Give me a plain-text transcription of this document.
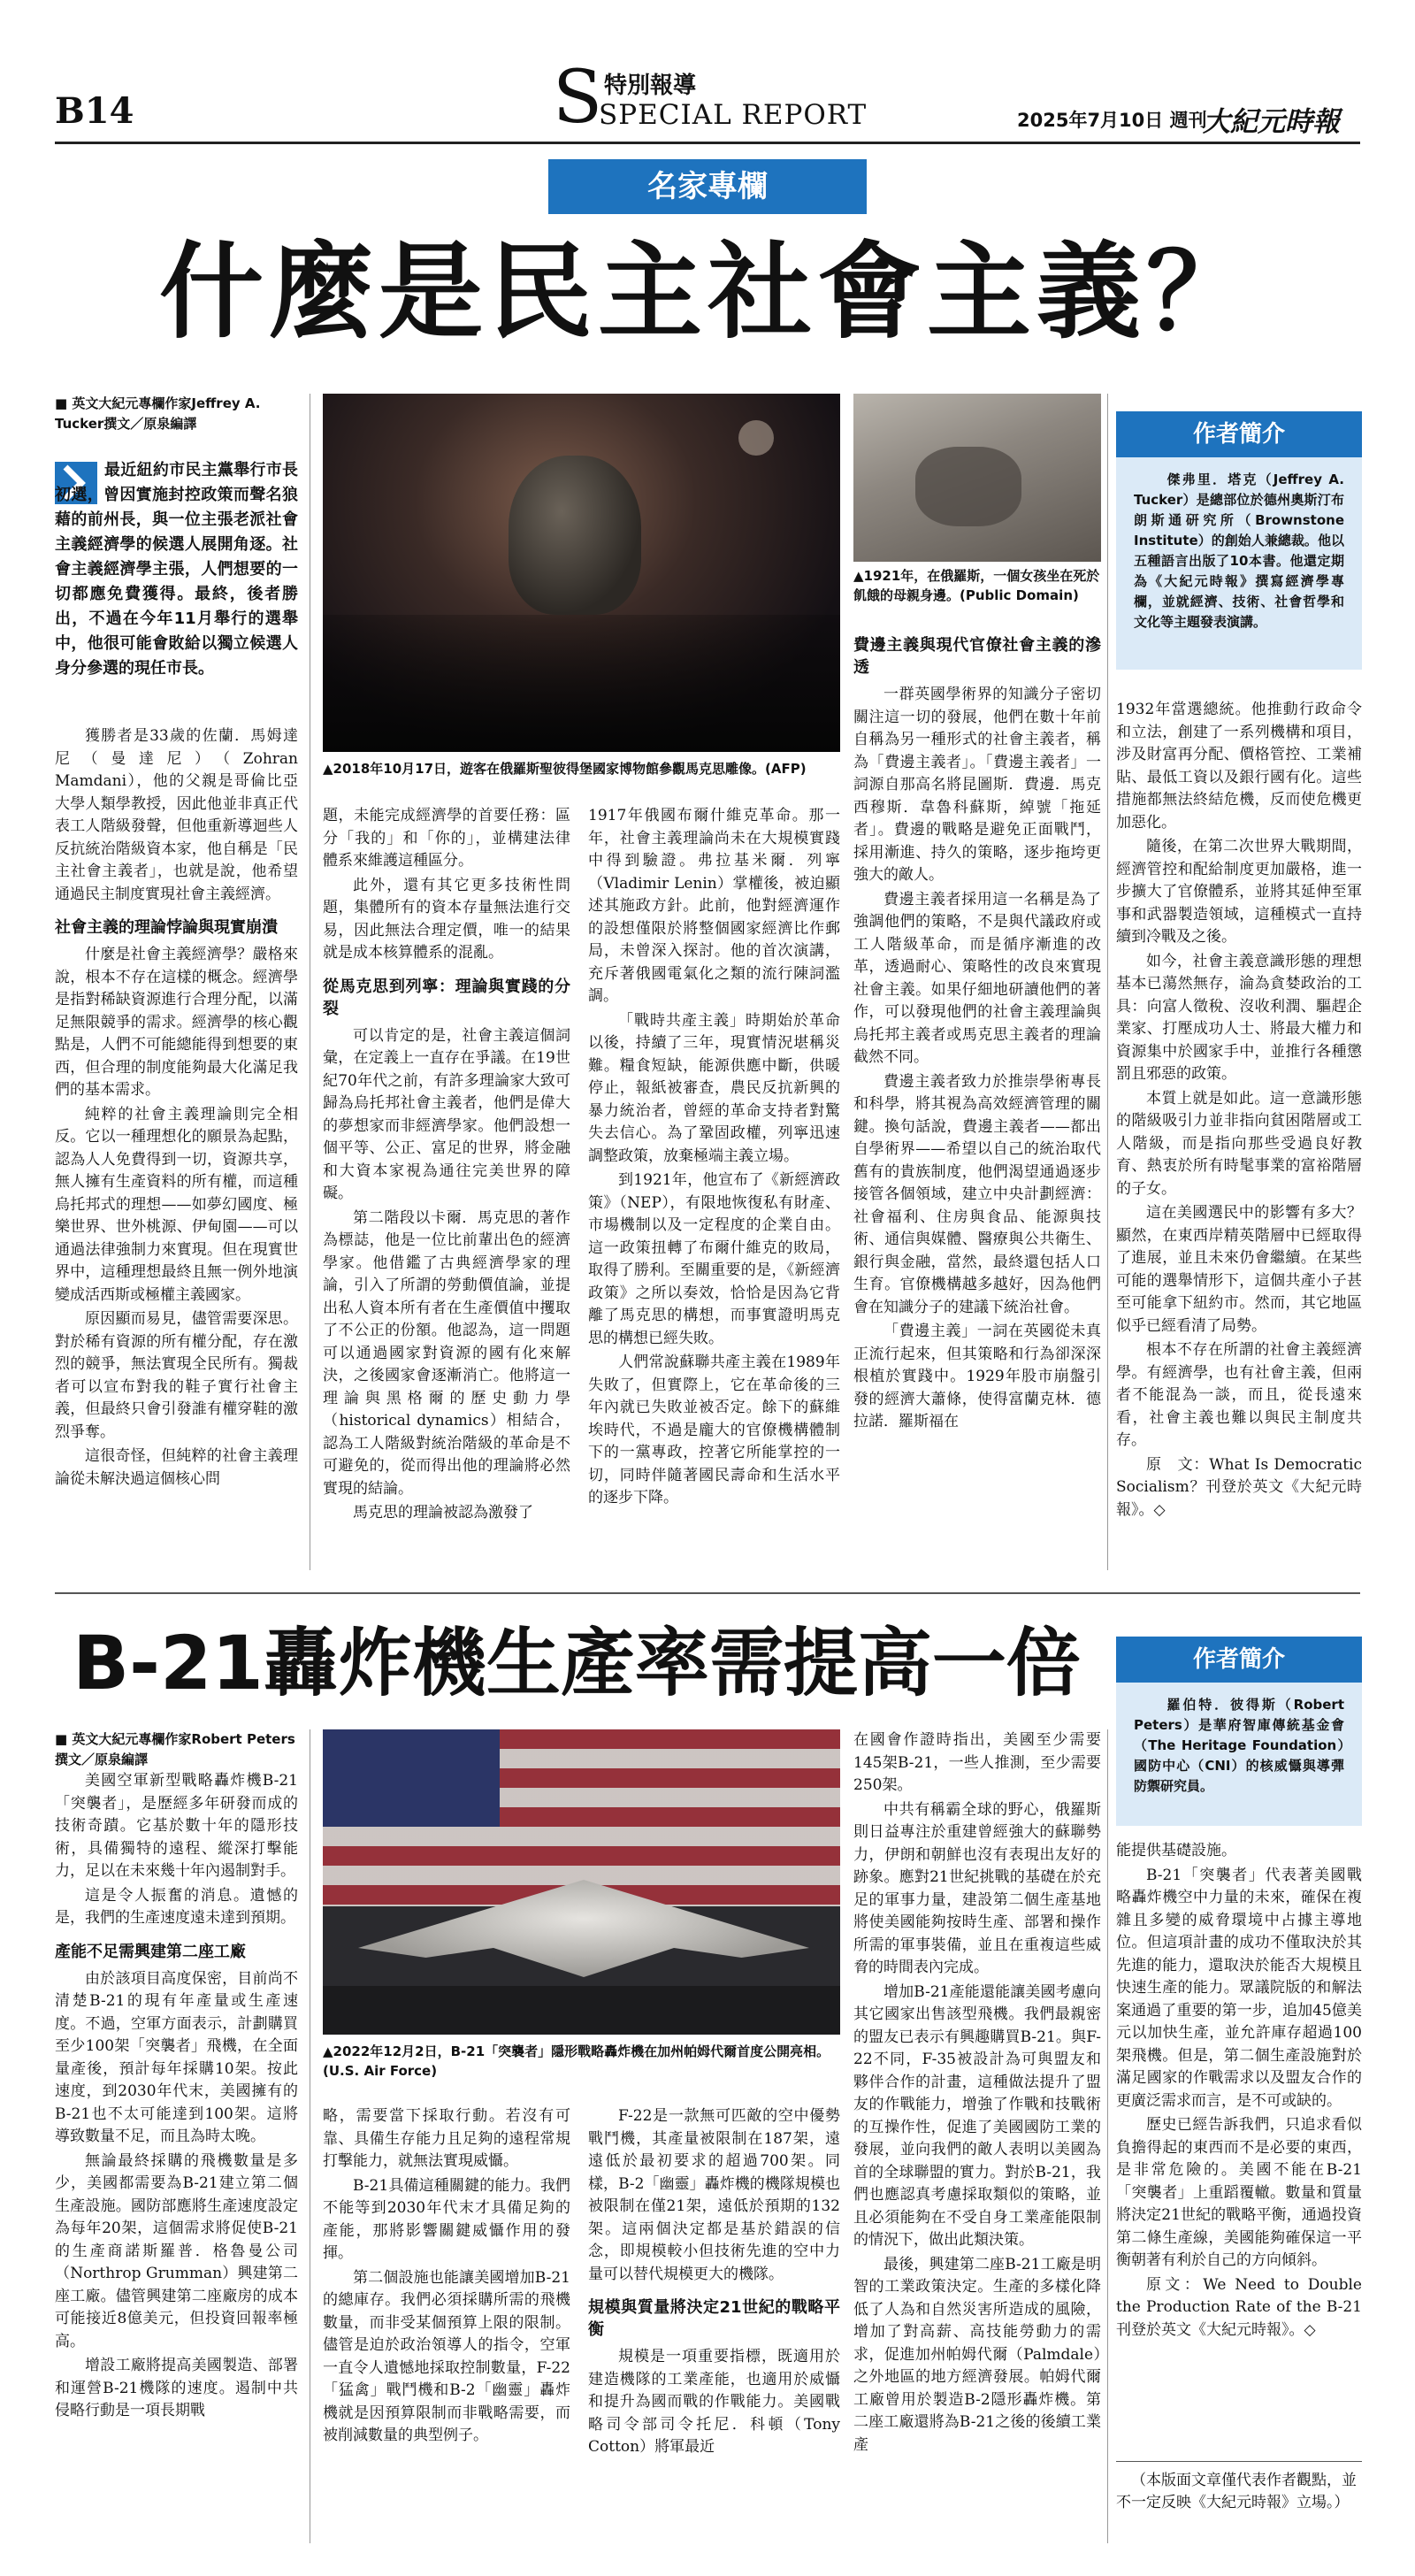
B14	S 特別報導
SPECIAL REPORT	2025年7月10日 週刊
大紀元時報
名家專欄
什麼是民主社會主義？
■ 英文大紀元專欄作家Jeffrey A. Tucker撰文／原泉編譯
最近紐約市民主黨舉行市長初選，曾因實施封控政策而聲名狼藉的前州長，與一位主張老派社會主義經濟學的候選人展開角逐。社會主義經濟學主張，人們想要的一切都應免費獲得。最終，後者勝出，不過在今年11月舉行的選舉中，他很可能會敗給以獨立候選人身分參選的現任市長。
▲2018年10月17日，遊客在俄羅斯聖彼得堡國家博物館參觀馬克思雕像。(AFP)
▲1921年，在俄羅斯，一個女孩坐在死於飢餓的母親身邊。(Public Domain)
作者簡介
傑弗里．塔克（Jeffrey A. Tucker）是總部位於德州奧斯汀布朗斯通研究所（Brownstone Institute）的創始人兼總裁。他以五種語言出版了10本書。他還定期為《大紀元時報》撰寫經濟學專欄，並就經濟、技術、社會哲學和文化等主題發表演講。

獲勝者是33歲的佐蘭．馬姆達尼（曼達尼）（Zohran Mamdani），他的父親是哥倫比亞大學人類學教授，因此他並非真正代表工人階級發聲，但他重新導迴些人反抗統治階級資本家，他自稱是「民主社會主義者」，也就是說，他希望通過民主制度實現社會主義經濟。

社會主義的理論悖論與現實崩潰

什麼是社會主義經濟學？嚴格來說，根本不存在這樣的概念。經濟學是指對稀缺資源進行合理分配，以滿足無限競爭的需求。經濟學的核心觀點是，人們不可能總能得到想要的東西，但合理的制度能夠最大化滿足我們的基本需求。

純粹的社會主義理論則完全相反。它以一種理想化的願景為起點，認為人人免費得到一切，資源共享，無人擁有生產資料的所有權，而這種烏托邦式的理想——如夢幻國度、極樂世界、世外桃源、伊甸園——可以通過法律強制力來實現。但在現實世界中，這種理想最終且無一例外地演變成活西斯或極權主義國家。

原因顯而易見，儘管需要深思。對於稀有資源的所有權分配，存在激烈的競爭，無法實現全民所有。獨裁者可以宣布對我的鞋子實行社會主義，但最終只會引發誰有權穿鞋的激烈爭奪。

這很奇怪，但純粹的社會主義理論從未解決過這個核心問

題，未能完成經濟學的首要任務：區分「我的」和「你的」，並構建法律體系來維護這種區分。

此外，還有其它更多技術性問題，集體所有的資本存量無法進行交易，因此無法合理定價，唯一的結果就是成本核算體系的混亂。

從馬克思到列寧：理論與實踐的分裂

可以肯定的是，社會主義這個詞彙，在定義上一直存在爭議。在19世紀70年代之前，有許多理論家大致可歸為烏托邦社會主義者，他們是偉大的夢想家而非經濟學家。他們設想一個平等、公正、富足的世界，將金融和大資本家視為通往完美世界的障礙。

第二階段以卡爾．馬克思的著作為標誌，他是一位比前輩出色的經濟學家。他借鑑了古典經濟學家的理論，引入了所謂的勞動價值論，並提出私人資本所有者在生產價值中攫取了不公正的份額。他認為，這一問題可以通過國家對資源的國有化來解決，之後國家會逐漸消亡。他將這一理論與黑格爾的歷史動力學（historical dynamics）相結合，認為工人階級對統治階級的革命是不可避免的，從而得出他的理論將必然實現的結論。

馬克思的理論被認為激發了

1917年俄國布爾什維克革命。那一年，社會主義理論尚未在大規模實踐中得到驗證。弗拉基米爾．列寧（Vladimir Lenin）掌權後，被迫顯述其施政方針。此前，他對經濟運作的設想僅限於將整個國家經濟比作郵局，未曾深入探討。他的首次演講，充斥著俄國電氣化之類的流行陳詞濫調。

「戰時共產主義」時期始於革命以後，持續了三年，現實情況堪稱災難。糧食短缺，能源供應中斷，供暖停止，報紙被審查，農民反抗新興的暴力統治者，曾經的革命支持者對驚失去信心。為了鞏固政權，列寧迅速調整政策，放棄極端主義立場。

到1921年，他宣布了《新經濟政策》（NEP），有限地恢復私有財產、市場機制以及一定程度的企業自由。這一政策扭轉了布爾什維克的敗局，取得了勝利。至關重要的是，《新經濟政策》之所以奏效，恰恰是因為它背離了馬克思的構想，而事實證明馬克思的構想已經失敗。

人們常說蘇聯共產主義在1989年失敗了，但實際上，它在革命後的三年內就已失敗並被否定。餘下的蘇維埃時代，不過是龐大的官僚機構體制下的一黨專政，控著它所能掌控的一切，同時伴隨著國民壽命和生活水平的逐步下降。

費邊主義與現代官僚社會主義的滲透

一群英國學術界的知識分子密切關注這一切的發展，他們在數十年前自稱為另一種形式的社會主義者，稱為「費邊主義者」。「費邊主義者」一詞源自那高名將昆圖斯．費邊．馬克西穆斯．韋魯科蘇斯，綽號「拖延者」。費邊的戰略是避免正面戰鬥，採用漸進、持久的策略，逐步拖垮更強大的敵人。

費邊主義者採用這一名稱是為了強調他們的策略，不是與代議政府或工人階級革命，而是循序漸進的改革，透過耐心、策略性的改良來實現社會主義。如果仔細地研讀他們的著作，可以發現他們的社會主義理論與烏托邦主義者或馬克思主義者的理論截然不同。

費邊主義者致力於推崇學術專長和科學，將其視為高效經濟管理的關鍵。換句話說，費邊主義者——都出自學術界——希望以自己的統治取代舊有的貴族制度，他們渴望通過逐步接管各個領域，建立中央計劃經濟：社會福利、住房與食品、能源與技術、通信與媒體、醫療與公共衛生、銀行與金融，當然，最終還包括人口生育。官僚機構越多越好，因為他們會在知識分子的建議下統治社會。

「費邊主義」一詞在英國從未真正流行起來，但其策略和行為卻深深根植於實踐中。1929年股市崩盤引發的經濟大蕭條，使得富蘭克林．德拉諾．羅斯福在

1932年當選總統。他推動行政命令和立法，創建了一系列機構和項目，涉及財富再分配、價格管控、工業補貼、最低工資以及銀行國有化。這些措施都無法終結危機，反而使危機更加惡化。

隨後，在第二次世界大戰期間，經濟管控和配給制度更加嚴格，進一步擴大了官僚體系，並將其延伸至軍事和武器製造領域，這種模式一直持續到冷戰及之後。

如今，社會主義意識形態的理想基本已蕩然無存，淪為貪婪政治的工具：向富人徵稅、沒收利潤、驅趕企業家、打壓成功人士、將最大權力和資源集中於國家手中，並推行各種懲罰且邪惡的政策。

本質上就是如此。這一意識形態的階級吸引力並非指向貧困階層或工人階級，而是指向那些受過良好教育、熱衷於所有時髦事業的富裕階層的子女。

這在美國選民中的影響有多大？顯然，在東西岸精英階層中已經取得了進展，並且未來仍會繼續。在某些可能的選舉情形下，這個共產小子甚至可能拿下紐約市。然而，其它地區似乎已經看清了局勢。

根本不存在所謂的社會主義經濟學。有經濟學，也有社會主義，但兩者不能混為一談，而且，從長遠來看，社會主義也難以與民主制度共存。

原　文：What Is Democratic Socialism？刊登於英文《大紀元時報》。◇

B-21轟炸機生產率需提高一倍	作者簡介
羅伯特．彼得斯（Robert Peters）是華府智庫傳統基金會（The Heritage Foundation）國防中心（CNI）的核威懾與導彈防禦研究員。
■ 英文大紀元專欄作家Robert Peters撰文／原泉編譯
▲2022年12月2日，B-21「突襲者」隱形戰略轟炸機在加州帕姆代爾首度公開亮相。(U.S. Air Force)

美國空軍新型戰略轟炸機B-21「突襲者」，是歷經多年研發而成的技術奇蹟。它基於數十年的隱形技術，具備獨特的遠程、縱深打擊能力，足以在未來幾十年內遏制對手。

這是令人振奮的消息。遺憾的是，我們的生產速度遠未達到預期。

產能不足需興建第二座工廠

由於該項目高度保密，目前尚不清楚B-21的現有年產量或生產速度。不過，空軍方面表示，計劃購買至少100架「突襲者」飛機，在全面量產後，預計每年採購10架。按此速度，到2030年代末，美國擁有的B-21也不太可能達到100架。這將導致數量不足，而且為時太晚。

無論最終採購的飛機數量是多少，美國都需要為B-21建立第二個生產設施。國防部應將生產速度設定為每年20架，這個需求將促使B-21的生產商諾斯羅普．格魯曼公司（Northrop Grumman）興建第二座工廠。儘管興建第二座廠房的成本可能接近8億美元，但投資回報率極高。

增設工廠將提高美國製造、部署和運營B-21機隊的速度。遏制中共侵略行動是一項長期戰

略，需要當下採取行動。若沒有可靠、具備生存能力且足夠的遠程常規打擊能力，就無法實現威懾。

B-21具備這種關鍵的能力。我們不能等到2030年代末才具備足夠的產能，那將影響關鍵威懾作用的發揮。

第二個設施也能讓美國增加B-21的總庫存。我們必須採購所需的飛機數量，而非受某個預算上限的限制。儘管是迫於政治領導人的指令，空軍一直令人遺憾地採取控制數量，F-22「猛禽」戰鬥機和B-2「幽靈」轟炸機就是因預算限制而非戰略需要，而被削減數量的典型例子。

F-22是一款無可匹敵的空中優勢戰鬥機，其產量被限制在187架，遠遠低於最初要求的超過700架。同樣，B-2「幽靈」轟炸機的機隊規模也被限制在僅21架，遠低於預期的132架。這兩個決定都是基於錯誤的信念，即規模較小但技術先進的空中力量可以替代規模更大的機隊。

規模與質量將決定21世紀的戰略平衡

規模是一項重要指標，既適用於建造機隊的工業產能，也適用於威懾和提升為國而戰的作戰能力。美國戰略司令部司令托尼．科頓（Tony Cotton）將軍最近

在國會作證時指出，美國至少需要145架B-21，一些人推測，至少需要250架。

中共有稱霸全球的野心，俄羅斯則日益專注於重建曾經強大的蘇聯勢力，伊朗和朝鮮也沒有表現出友好的跡象。應對21世紀挑戰的基礎在於充足的軍事力量，建設第二個生產基地將使美國能夠按時生產、部署和操作所需的軍事裝備，並且在重複這些威脅的時間表內完成。

增加B-21產能還能讓美國考慮向其它國家出售該型飛機。我們最親密的盟友已表示有興趣購買B-21。與F-22不同，F-35被設計為可與盟友和夥伴合作的計畫，這種做法提升了盟友的作戰能力，增強了作戰和技戰術的互操作性，促進了美國國防工業的發展，並向我們的敵人表明以美國為首的全球聯盟的實力。對於B-21，我們也應認真考慮採取類似的策略，並且必須能夠在不受自身工業產能限制的情況下，做出此類決策。

最後，興建第二座B-21工廠是明智的工業政策決定。生產的多樣化降低了人為和自然災害所造成的風險，增加了對高薪、高技能勞動力的需求，促進加州帕姆代爾（Palmdale）之外地區的地方經濟發展。帕姆代爾工廠曾用於製造B-2隱形轟炸機。第二座工廠還將為B-21之後的後續工業產

能提供基礎設施。

B-21「突襲者」代表著美國戰略轟炸機空中力量的未來，確保在複雜且多變的威脅環境中占據主導地位。但這項計畫的成功不僅取決於其先進的能力，還取決於能否大規模且快速生產的能力。眾議院版的和解法案通過了重要的第一步，追加45億美元以加快生產，並允許庫存超過100架飛機。但是，第二個生產設施對於滿足國家的作戰需求以及盟友合作的更廣泛需求而言，是不可或缺的。

歷史已經告訴我們，只追求看似負擔得起的東西而不是必要的東西，是非常危險的。美國不能在B-21「突襲者」上重蹈覆轍。數量和質量將決定21世紀的戰略平衡，通過投資第二條生產線，美國能夠確保這一平衡朝著有利於自己的方向傾斜。

原文：We Need to Double the Production Rate of the B-21 刊登於英文《大紀元時報》。◇

（本版面文章僅代表作者觀點，並不一定反映《大紀元時報》立場。）
